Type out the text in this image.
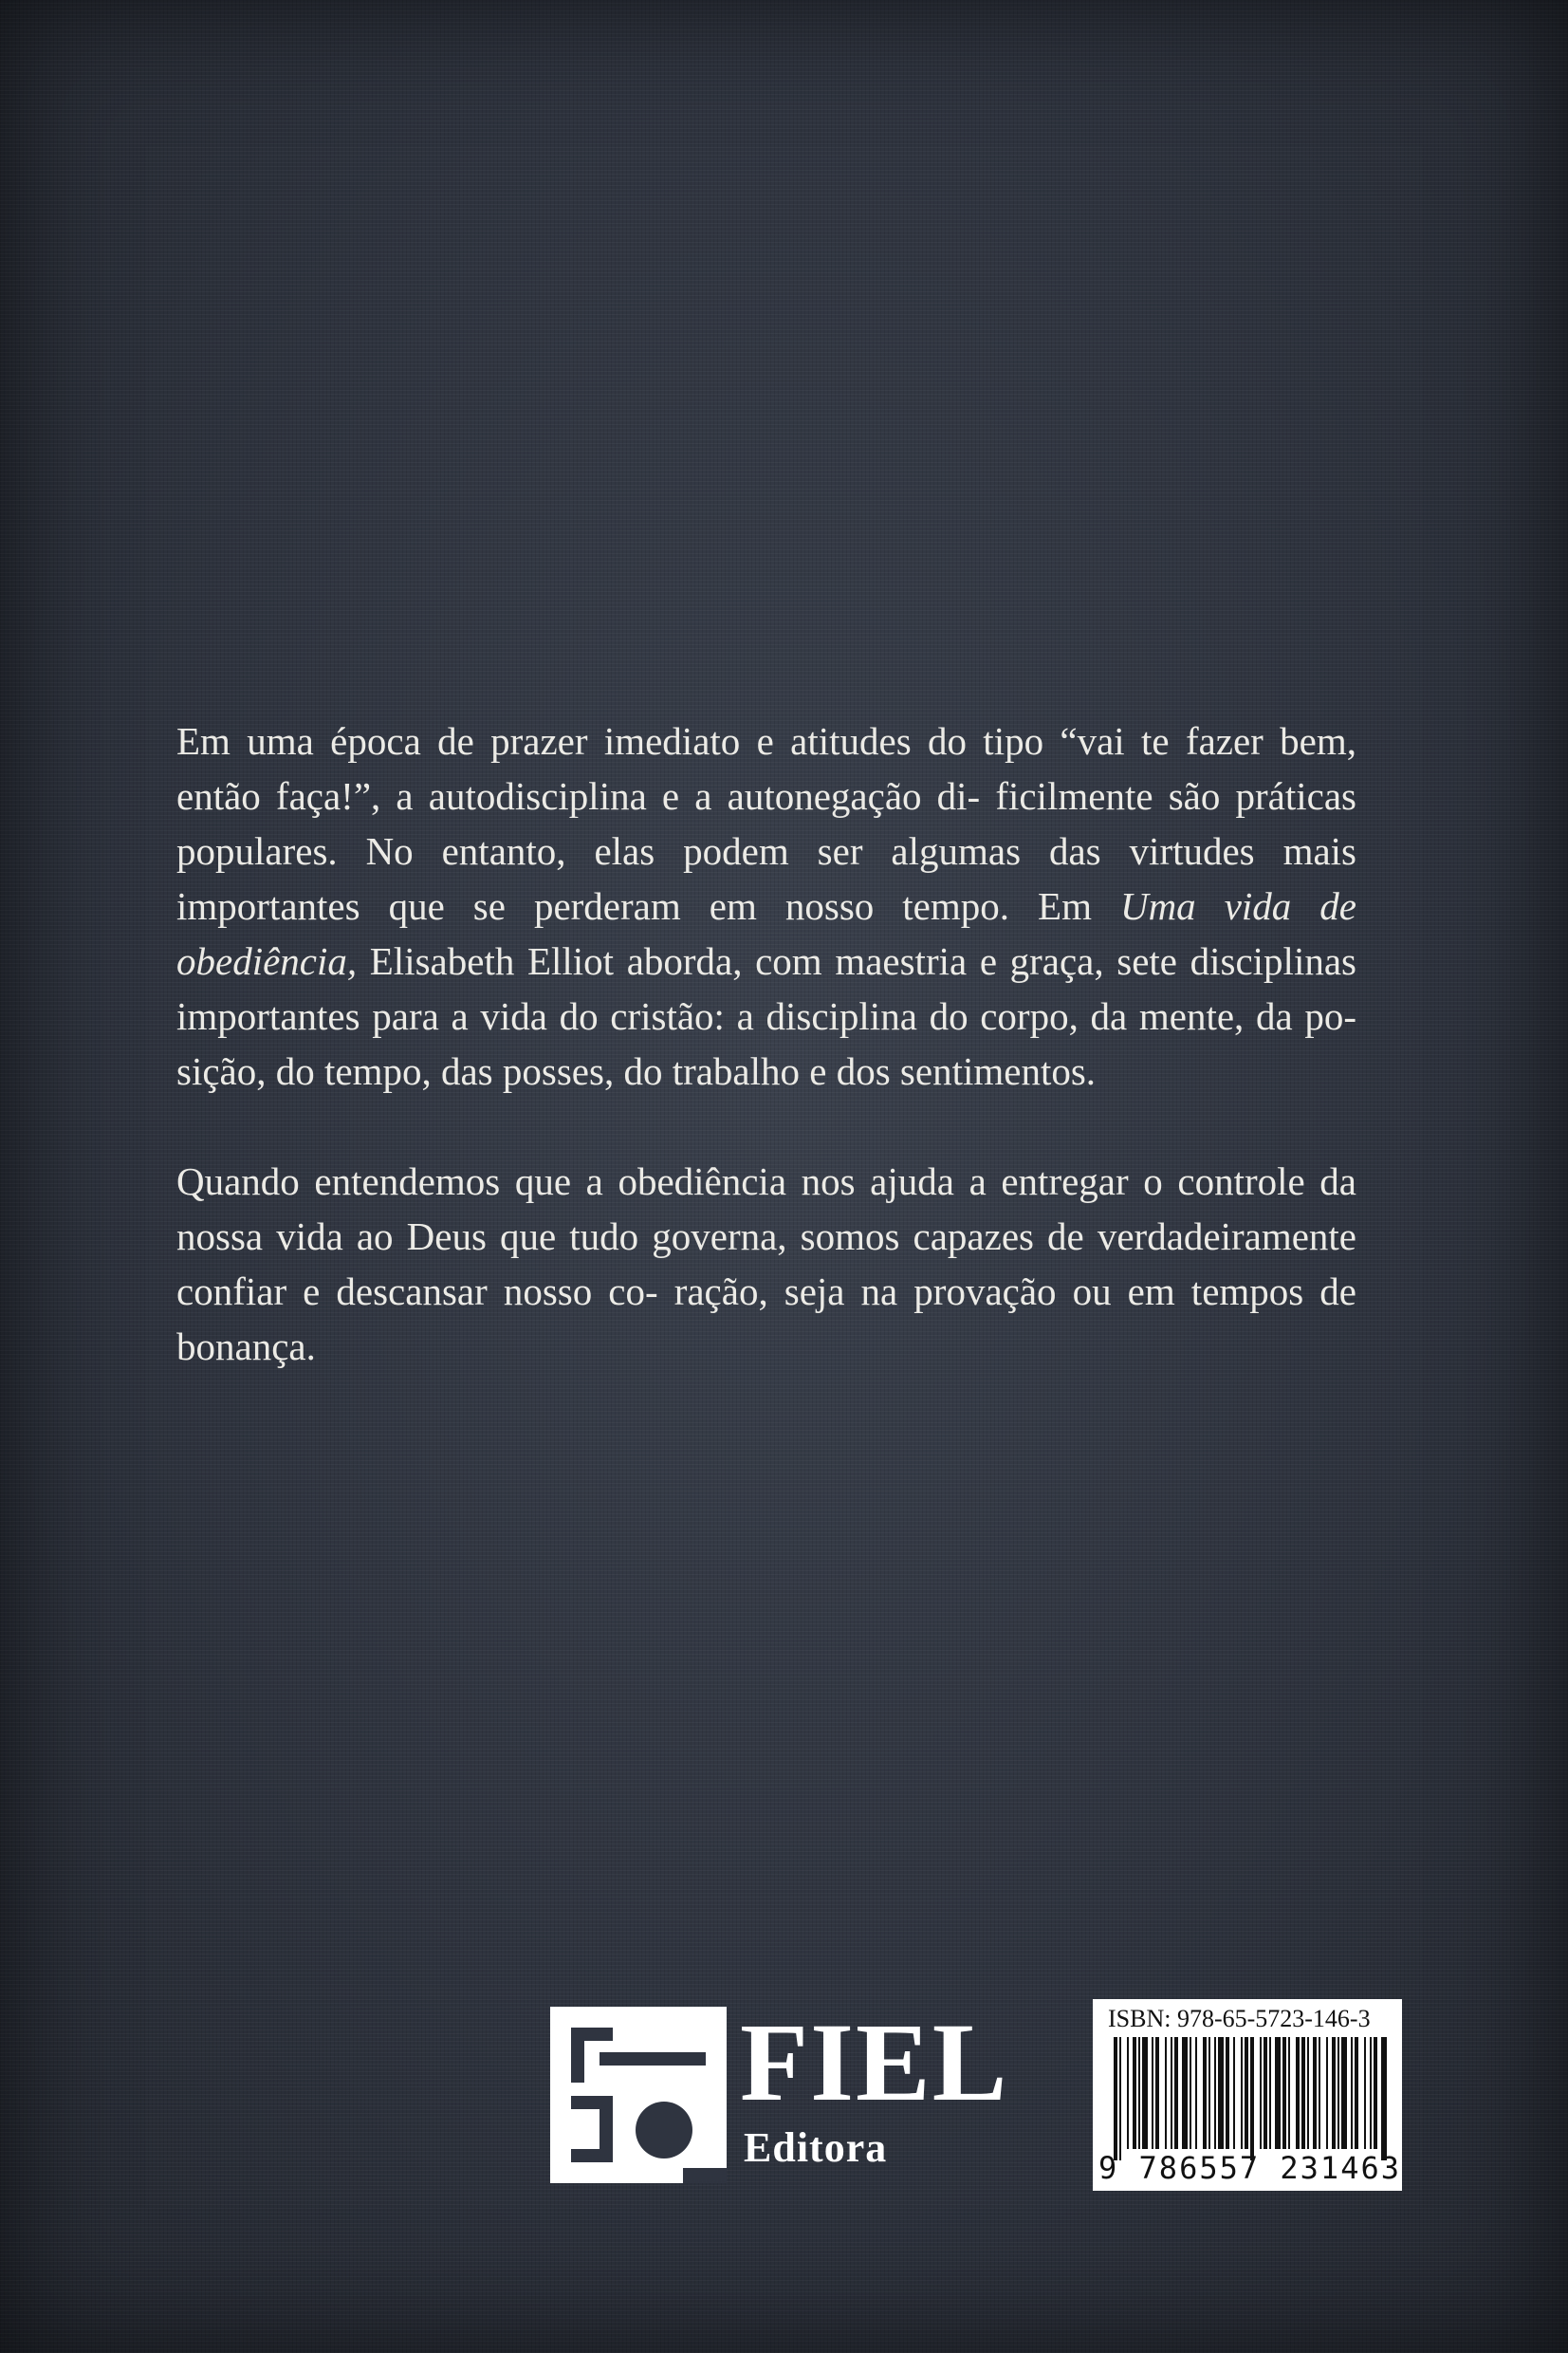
Em uma época de prazer imediato e atitudes do tipo “vai te fazer bem, então faça!”, a autodisciplina e a autonegação di- ficilmente são práticas populares. No entanto, elas podem ser algumas das virtudes mais importantes que se perderam em nosso tempo. Em Uma vida de obediência, Elisabeth Elliot aborda, com maestria e graça, sete disciplinas importantes para a vida do cristão: a disciplina do corpo, da mente, da po- sição, do tempo, das posses, do trabalho e dos sentimentos.

Quando entendemos que a obediência nos ajuda a entregar o controle da nossa vida ao Deus que tudo governa, somos capazes de verdadeiramente confiar e descansar nosso co- ração, seja na provação ou em tempos de bonança.

FIEL
Editora
ISBN: 978-65-5723-146-3
9 786557 231463
